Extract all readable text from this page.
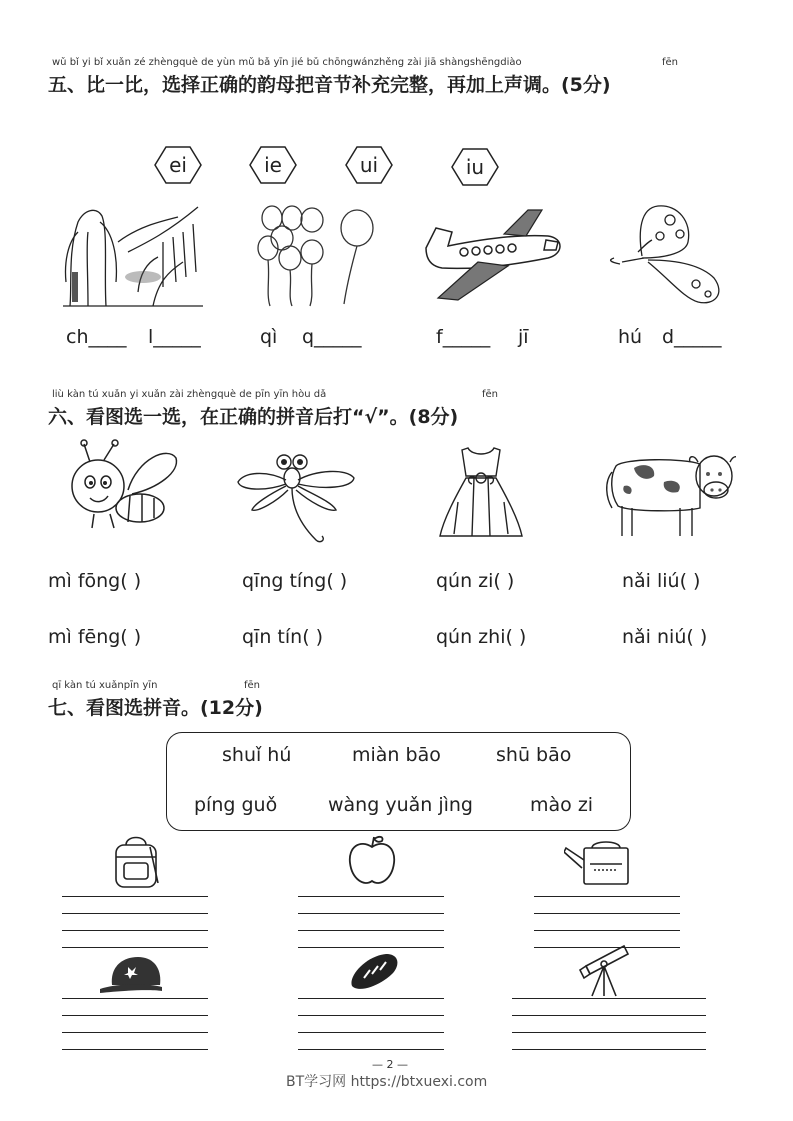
wǔ bǐ yi bǐ xuǎn zé zhèngquè de yùn mǔ bǎ yīn jié bǔ chōngwánzhěng zài jiā shàngshēngdiào	fēn
五、比一比，选择正确的韵母把音节补充完整，再加上声调。(5分)
ei	ie	ui	iu
ch____ l_____	qì q_____	f_____ jī	hú d_____
liù kàn tú xuǎn yi xuǎn zài zhèngquè de pīn yīn hòu dǎ	fēn
六、看图选一选，在正确的拼音后打“√”。(8分)
mì fōng( )	qīng tíng( )	qún zi( )	nǎi liú( )
mì fēng( )	qīn tín( )	qún zhi( )	nǎi niú( )
qī kàn tú xuǎnpīn yīn	fēn
七、看图选拼音。(12分)
shuǐ hú	miàn bāo	shū bāo
píng guǒ	wàng yuǎn jìng	mào zi
— 2 —
BT学习网 https://btxuexi.com
